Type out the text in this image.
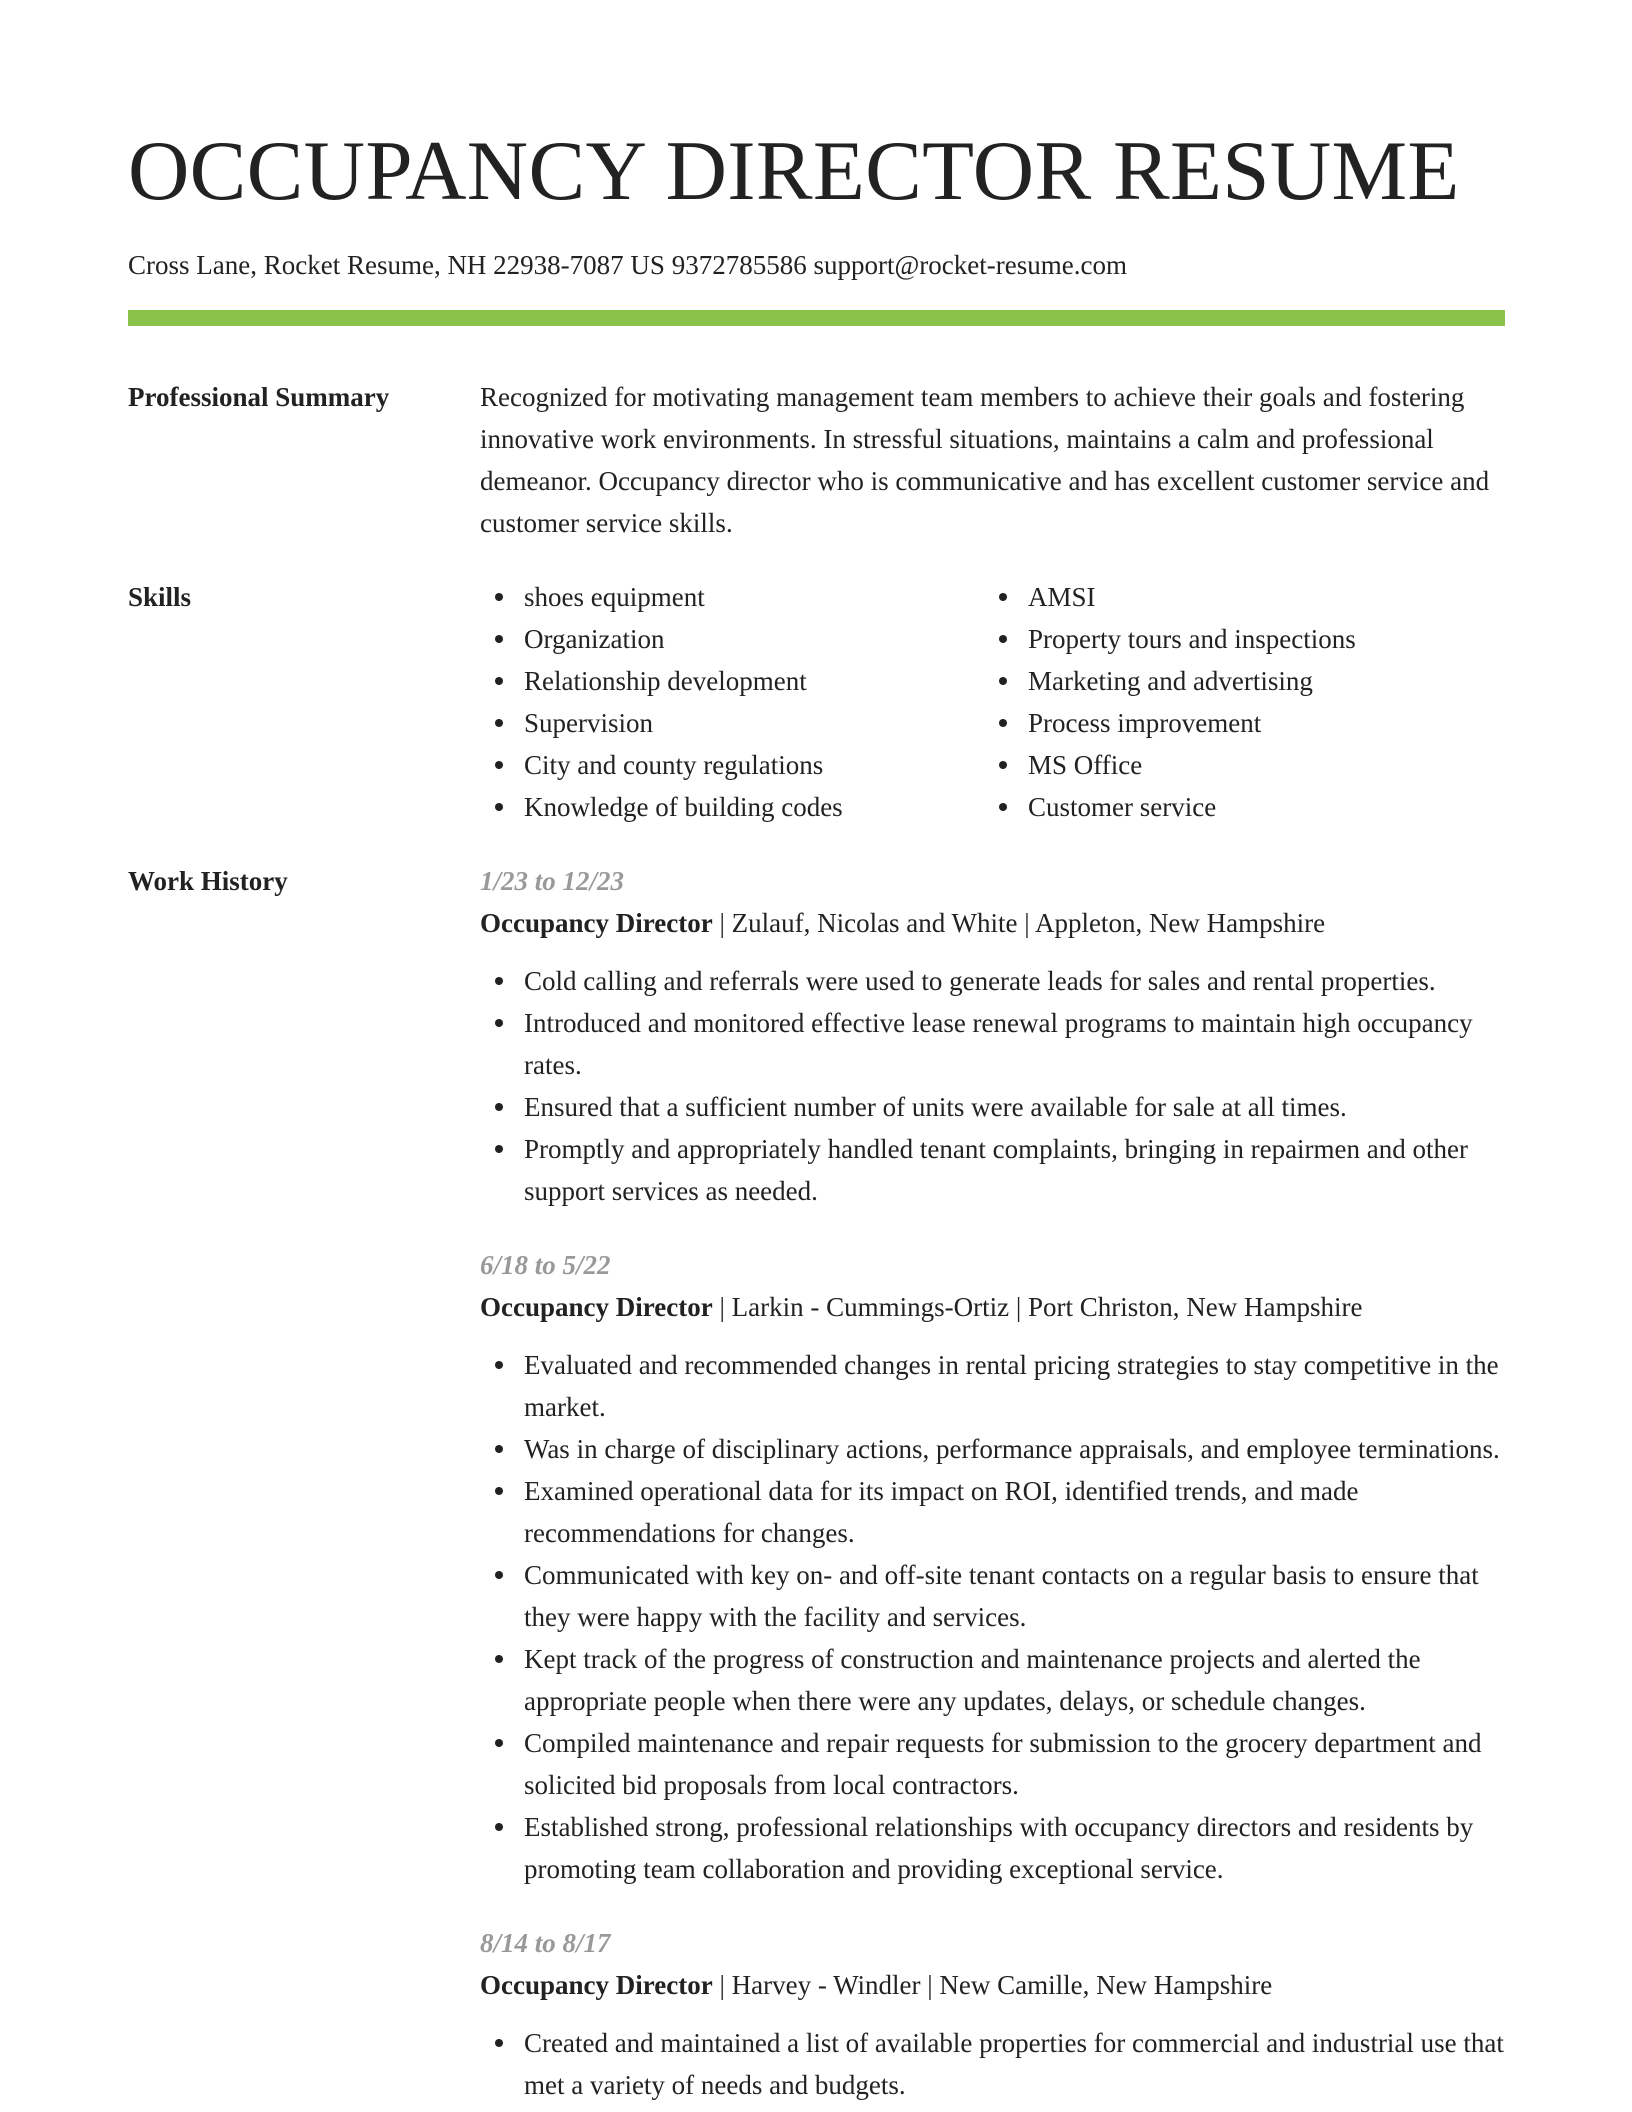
OCCUPANCY DIRECTOR RESUME
Cross Lane, Rocket Resume, NH 22938-7087 US 9372785586 support@rocket-resume.com
Professional Summary	Recognized for motivating management team members to achieve their goals and fostering innovative work environments. In stressful situations, maintains a calm and professional demeanor. Occupancy director who is communicative and has excellent customer service and customer service skills.
Skills	shoes equipment
Organization
Relationship development
Supervision
City and county regulations
Knowledge of building codes
AMSI
Property tours and inspections
Marketing and advertising
Process improvement
MS Office
Customer service
Work History	1/23 to 12/23
Occupancy Director | Zulauf, Nicolas and White | Appleton, New Hampshire
Cold calling and referrals were used to generate leads for sales and rental properties.
Introduced and monitored effective lease renewal programs to maintain high occupancy rates.
Ensured that a sufficient number of units were available for sale at all times.
Promptly and appropriately handled tenant complaints, bringing in repairmen and other support services as needed.
6/18 to 5/22
Occupancy Director | Larkin - Cummings-Ortiz | Port Christon, New Hampshire
Evaluated and recommended changes in rental pricing strategies to stay competitive in the market.
Was in charge of disciplinary actions, performance appraisals, and employee terminations.
Examined operational data for its impact on ROI, identified trends, and made recommendations for changes.
Communicated with key on- and off-site tenant contacts on a regular basis to ensure that they were happy with the facility and services.
Kept track of the progress of construction and maintenance projects and alerted the appropriate people when there were any updates, delays, or schedule changes.
Compiled maintenance and repair requests for submission to the grocery department and solicited bid proposals from local contractors.
Established strong, professional relationships with occupancy directors and residents by promoting team collaboration and providing exceptional service.
8/14 to 8/17
Occupancy Director | Harvey - Windler | New Camille, New Hampshire
Created and maintained a list of available properties for commercial and industrial use that met a variety of needs and budgets.
